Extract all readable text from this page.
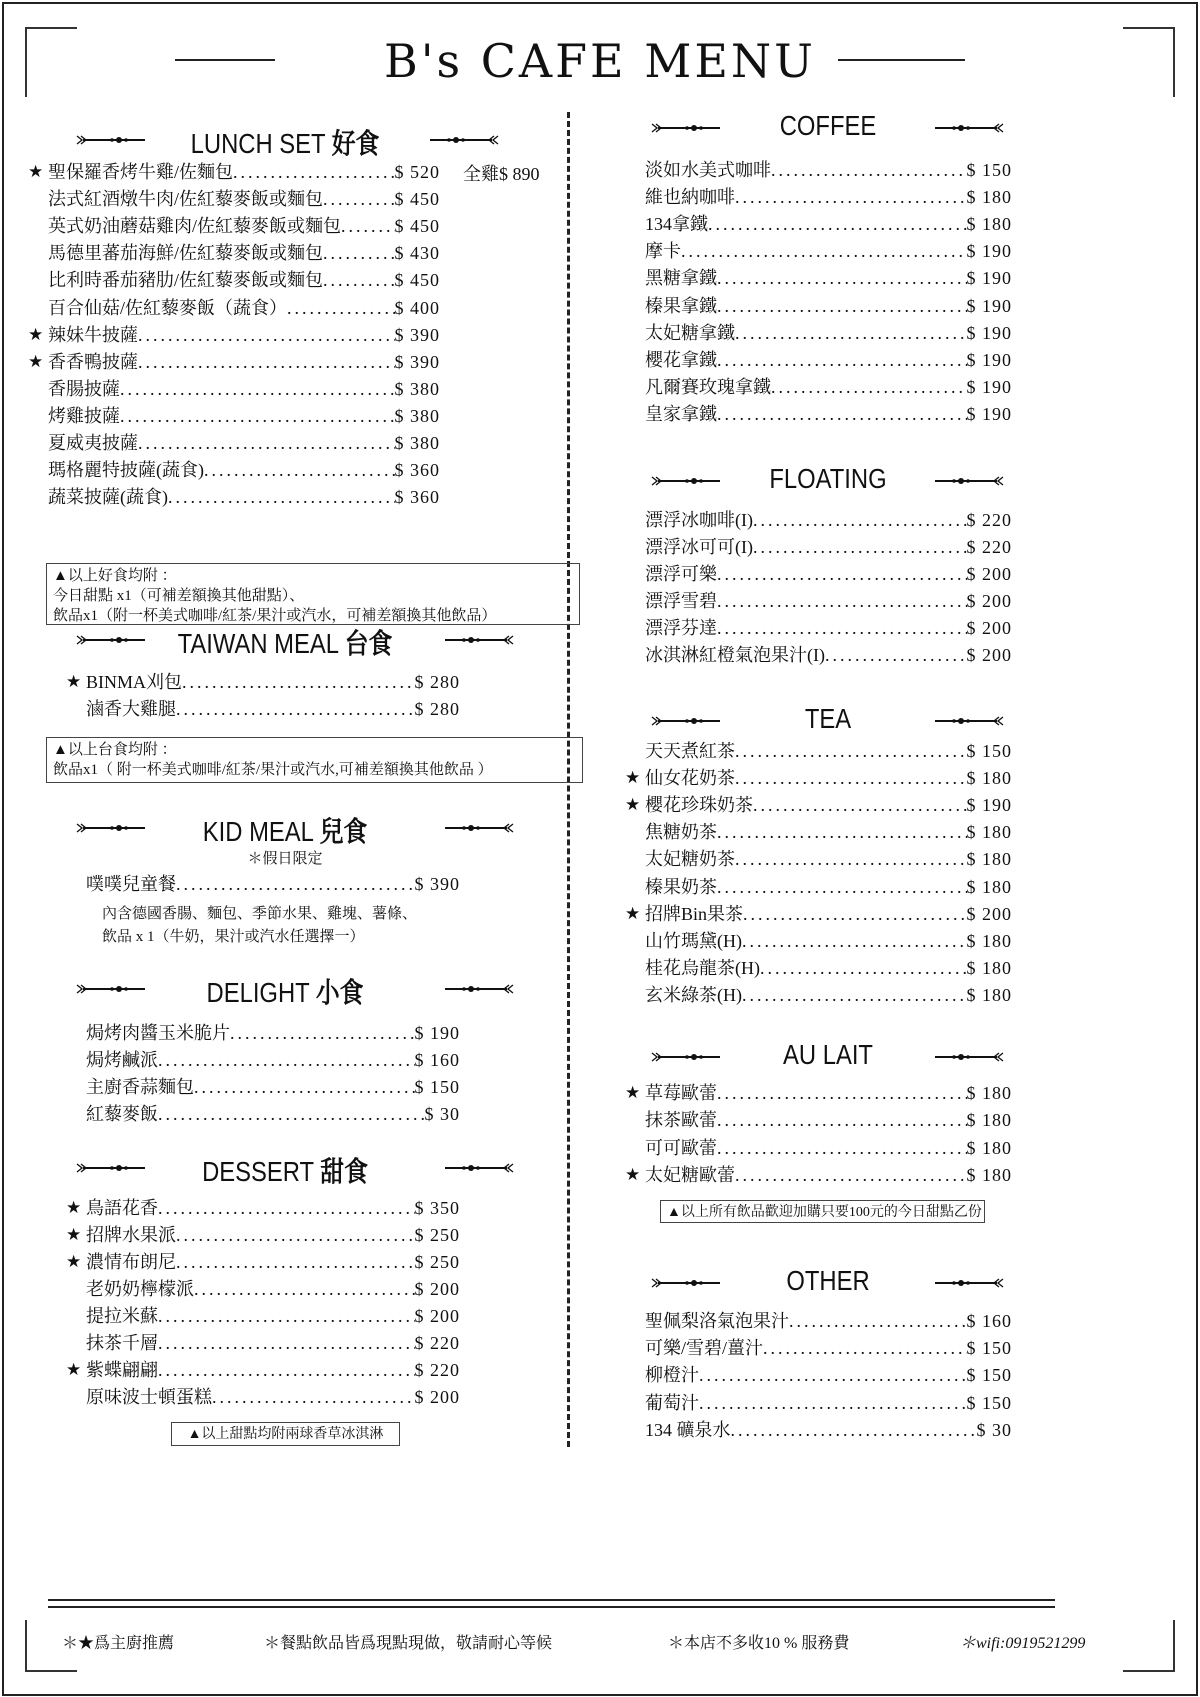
B's CAFE MENU
LUNCH SET 好食
★ 聖保羅香烤牛雞/佐麵包 .....	$ 520 全雞$ 890
法式紅酒燉牛肉/佐紅藜麥飯或麵包 .....	$ 450
英式奶油蘑菇雞肉/佐紅藜麥飯或麵包 .....	$ 450
馬德里蕃茄海鮮/佐紅藜麥飯或麵包 .....	$ 430
比利時番茄豬肋/佐紅藜麥飯或麵包 .....	$ 450
百合仙菇/佐紅藜麥飯（蔬食） .....	$ 400
★ 辣妹牛披薩 .....	$ 390
★ 香香鴨披薩 .....	$ 390
香腸披薩 .....	$ 380
烤雞披薩 .....	$ 380
夏威夷披薩 .....	$ 380
瑪格麗特披薩(蔬食) .....	$ 360
蔬菜披薩(蔬食) .....	$ 360
▲以上好食均附 ：
今日甜點 x1（可補差額換其他甜點）、
飲品x1（附一杯美式咖啡/紅茶/果汁或汽水，可補差額換其他飲品）
TAIWAN MEAL 台食
★ BINMA刈包 .....	$ 280
滷香大雞腿 .....	$ 280
▲以上台食均附 ：
飲品x1（ 附一杯美式咖啡/紅茶/果汁或汽水,可補差額換其他飲品 ）
KID MEAL 兒食
＊假日限定
噗噗兒童餐 .....	$ 390
內含德國香腸、麵包、季節水果、雞塊、薯條、
飲品 x 1（牛奶，果汁或汽水任選擇一）
DELIGHT 小食
焗烤肉醬玉米脆片 .....	$ 190
焗烤鹹派 .....	$ 160
主廚香蒜麵包 .....	$ 150
紅藜麥飯 .....	$ 30
DESSERT 甜食
★ 鳥語花香 .....	$ 350
★ 招牌水果派 .....	$ 250
★ 濃情布朗尼 .....	$ 250
老奶奶檸檬派 .....	$ 200
提拉米蘇 .....	$ 200
抹茶千層 .....	$ 220
★ 紫蝶翩翩 .....	$ 220
原味波士頓蛋糕 .....	$ 200
▲以上甜點均附兩球香草冰淇淋
COFFEE
淡如水美式咖啡 .....	$ 150
維也納咖啡 .....	$ 180
134拿鐵 .....	$ 180
摩卡 .....	$ 190
黑糖拿鐵 .....	$ 190
榛果拿鐵 .....	$ 190
太妃糖拿鐵 .....	$ 190
櫻花拿鐵 .....	$ 190
凡爾賽玫瑰拿鐵 .....	$ 190
皇家拿鐵 .....	$ 190
FLOATING
漂浮冰咖啡(I) .....	$ 220
漂浮冰可可(I) .....	$ 220
漂浮可樂 .....	$ 200
漂浮雪碧 .....	$ 200
漂浮芬達 .....	$ 200
冰淇淋紅橙氣泡果汁(I) .....	$ 200
TEA
天天煮紅茶 .....	$ 150
★ 仙女花奶茶 .....	$ 180
★ 櫻花珍珠奶茶 .....	$ 190
焦糖奶茶 .....	$ 180
太妃糖奶茶 .....	$ 180
榛果奶茶 .....	$ 180
★ 招牌Bin果茶 .....	$ 200
山竹瑪黛(H) .....	$ 180
桂花烏龍茶(H) .....	$ 180
玄米綠茶(H) .....	$ 180
AU LAIT
★ 草莓歐蕾 .....	$ 180
抹茶歐蕾 .....	$ 180
可可歐蕾 .....	$ 180
★ 太妃糖歐蕾 .....	$ 180
▲以上所有飲品歡迎加購只要100元的今日甜點乙份
OTHER
聖佩梨洛氣泡果汁 .....	$ 160
可樂/雪碧/薑汁 .....	$ 150
柳橙汁 .....	$ 150
葡萄汁 .....	$ 150
134 礦泉水 .....	$ 30
＊★爲主廚推薦	＊餐點飲品皆爲現點現做，敬請耐心等候	＊本店不多收10 % 服務費	＊wifi:0919521299
